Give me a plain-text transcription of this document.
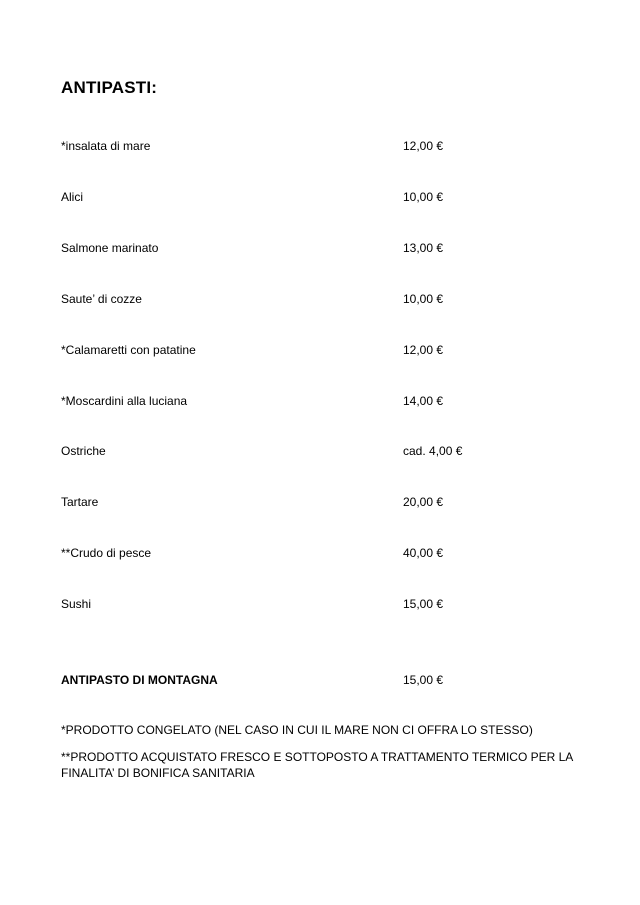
ANTIPASTI:
*insalata di mare	12,00 €
Alici	10,00 €
Salmone marinato	13,00 €
Saute’ di cozze	10,00 €
*Calamaretti con patatine	12,00 €
*Moscardini alla luciana	14,00 €
Ostriche	cad. 4,00 €
Tartare	20,00 €
**Crudo di pesce	40,00 €
Sushi	15,00 €
ANTIPASTO DI MONTAGNA	15,00 €
*PRODOTTO CONGELATO (NEL CASO IN CUI IL MARE NON CI OFFRA LO STESSO)
**PRODOTTO ACQUISTATO FRESCO E SOTTOPOSTO A TRATTAMENTO TERMICO PER LA FINALITA’ DI BONIFICA SANITARIA
